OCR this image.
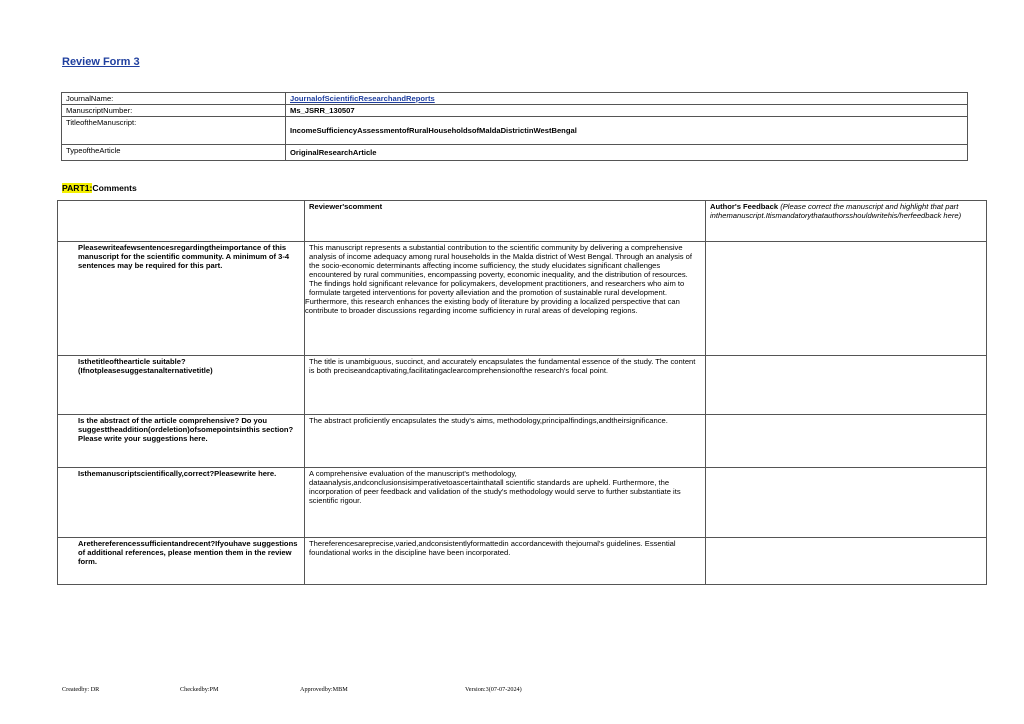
Review Form 3
JournalName:	JournalofScientificResearchandReports
ManuscriptNumber:	Ms_JSRR_130507
TitleoftheManuscript:	IncomeSufficiencyAssessmentofRuralHouseholdsofMaldaDistrictinWestBengal
TypeoftheArticle	OriginalResearchArticle
PART1:Comments
	Reviewer'scomment	Author's Feedback (Please correct the manuscript and highlight that part inthemanuscript.Itismandatorythatauthorsshouldwritehis/herfeedback here)
Pleasewriteafewsentencesregardingtheimportance of this manuscript for the scientific community. A minimum of 3-4 sentences may be required for this part.	This manuscript represents a substantial contribution to the scientific community by delivering a comprehensive analysis of income adequacy among rural households in the Malda district of West Bengal. Through an analysis of the socio-economic determinants affecting income sufficiency, the study elucidates significant challenges encountered by rural communities, encompassing poverty, economic inequality, and the distribution of resources. The findings hold significant relevance for policymakers, development practitioners, and researchers who aim to formulate targeted interventions for poverty alleviation and the promotion of sustainable rural development.
Furthermore, this research enhances the existing body of literature by providing a localized perspective that can contribute to broader discussions regarding income sufficiency in rural areas of developing regions.	

Isthetitleofthearticle suitable? (Ifnotpleasesuggestanalternativetitle)	The title is unambiguous, succinct, and accurately encapsulates the fundamental essence of the study. The content is both preciseandcaptivating,facilitatingaclearcomprehensionofthe research's focal point.	
Is the abstract of the article comprehensive? Do you suggesttheaddition(ordeletion)ofsomepointsinthis section? Please write your suggestions here.	The abstract proficiently encapsulates the study's aims, methodology,principalfindings,andtheirsignificance.	
Isthemanuscriptscientifically,correct?Pleasewrite here.	A comprehensive evaluation of the manuscript's methodology, dataanalysis,andconclusionsisimperativetoascertainthatall scientific standards are upheld. Furthermore, the incorporation of peer feedback and validation of the study's methodology would serve to further substantiate its scientific rigour.	
Arethereferencessufficientandrecent?Ifyouhave suggestions of additional references, please mention them in the review form.	Thereferencesareprecise,varied,andconsistentlyformattedin accordancewith thejournal's guidelines. Essential foundational works in the discipline have been incorporated.	
Createdby: DR	Checkedby:PM	Approvedby:MBM	Version:3(07-07-2024)
